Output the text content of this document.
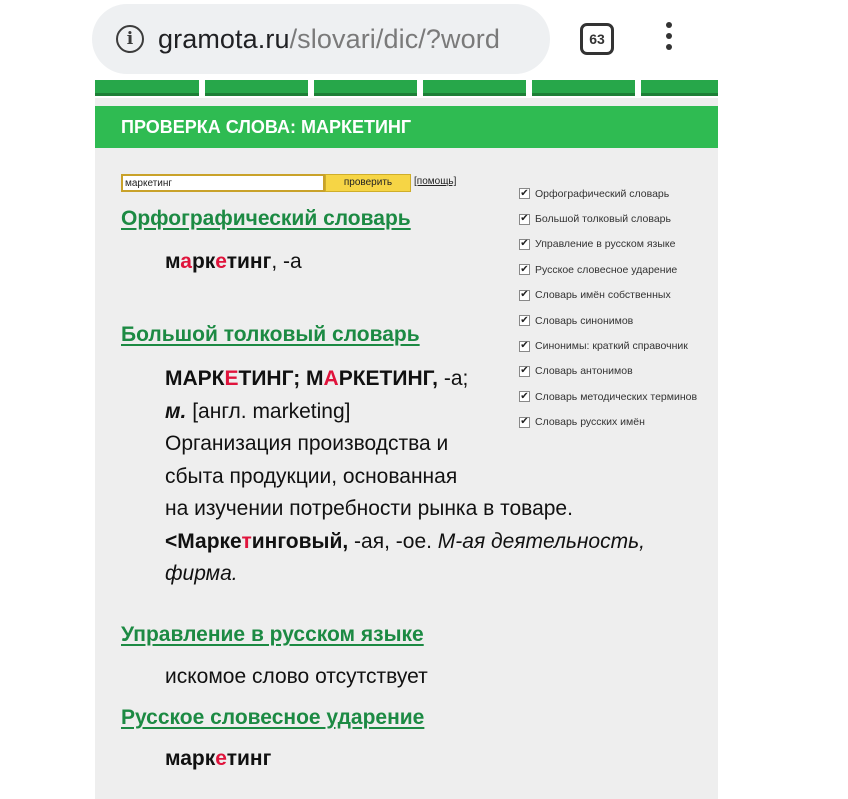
i gramota.ru/slovari/dic/?word	63
ПРОВЕРКА СЛОВА: МАРКЕТИНГ
маркетинг
проверить	[помощь]
✔ Орфографический словарь
✔ Большой толковый словарь
✔ Управление в русском языке
✔ Русское словесное ударение
✔ Словарь имён собственных
✔ Словарь синонимов
✔ Синонимы: краткий справочник
✔ Словарь антонимов
✔ Словарь методических терминов
✔ Словарь русских имён
Орфографический словарь
маркетинг, -а
Большой толковый словарь
МАРКЕТИНГ; МАРКЕТИНГ, -а;
м. [англ. marketing]
Организация производства и
сбыта продукции, основанная
на изучении потребности рынка в товаре.
<Маркетинговый, -ая, -ое. М-ая деятельность,
фирма.
Управление в русском языке
искомое слово отсутствует
Русское словесное ударение
маркетинг
